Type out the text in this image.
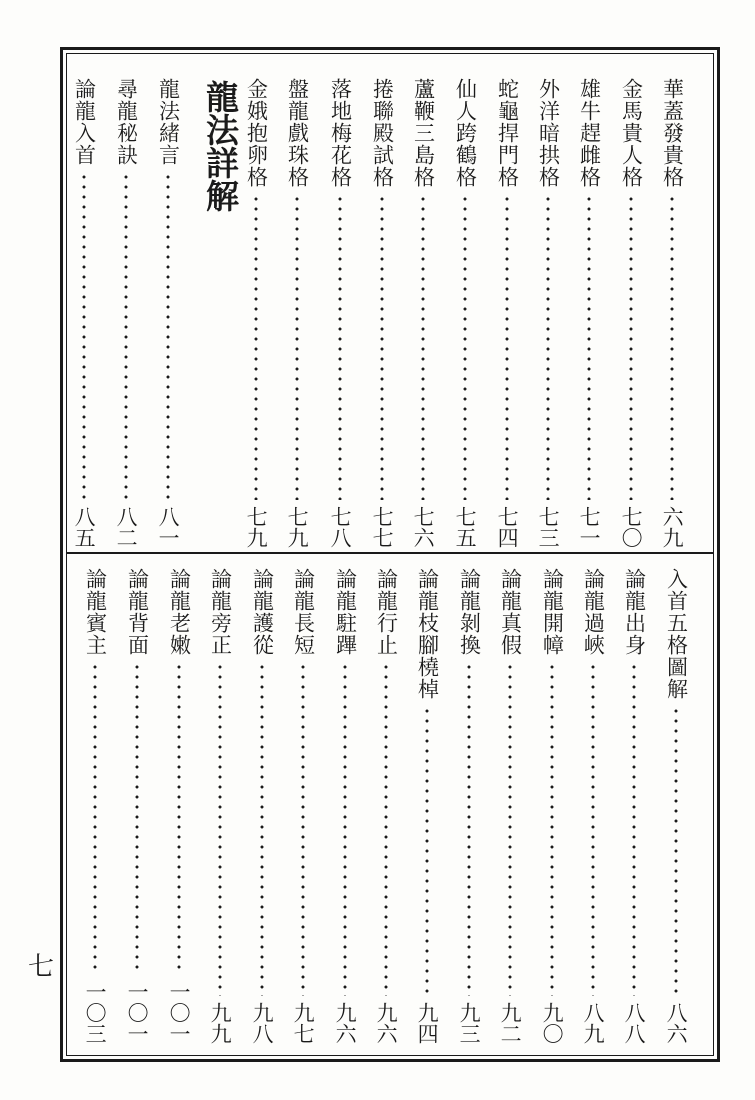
龍法詳解	華蓋發貴格
六九
金馬貴人格
七〇
雄牛趕雌格
七一
外洋暗拱格
七三
蛇龜捍門格
七四
仙人跨鶴格
七五
蘆鞭三島格
七六
捲聯殿試格
七七
落地梅花格
七八
盤龍戲珠格
七九
金娥抱卵格
七九
龍法緒言
八一
尋龍秘訣
八二
論龍入首
八五
入首五格圖解
八六
論龍出身
八八
論龍過峽
八九
論龍開幛
九〇
論龍真假
九二
論龍剝換
九三
論龍枝腳橈棹
九四
論龍行止
九六
論龍駐蹕
九六
論龍長短
九七
論龍護從
九八
論龍旁正
九九
論龍老嫩
一〇一
論龍背面
一〇一
論龍賓主
一〇三
七
